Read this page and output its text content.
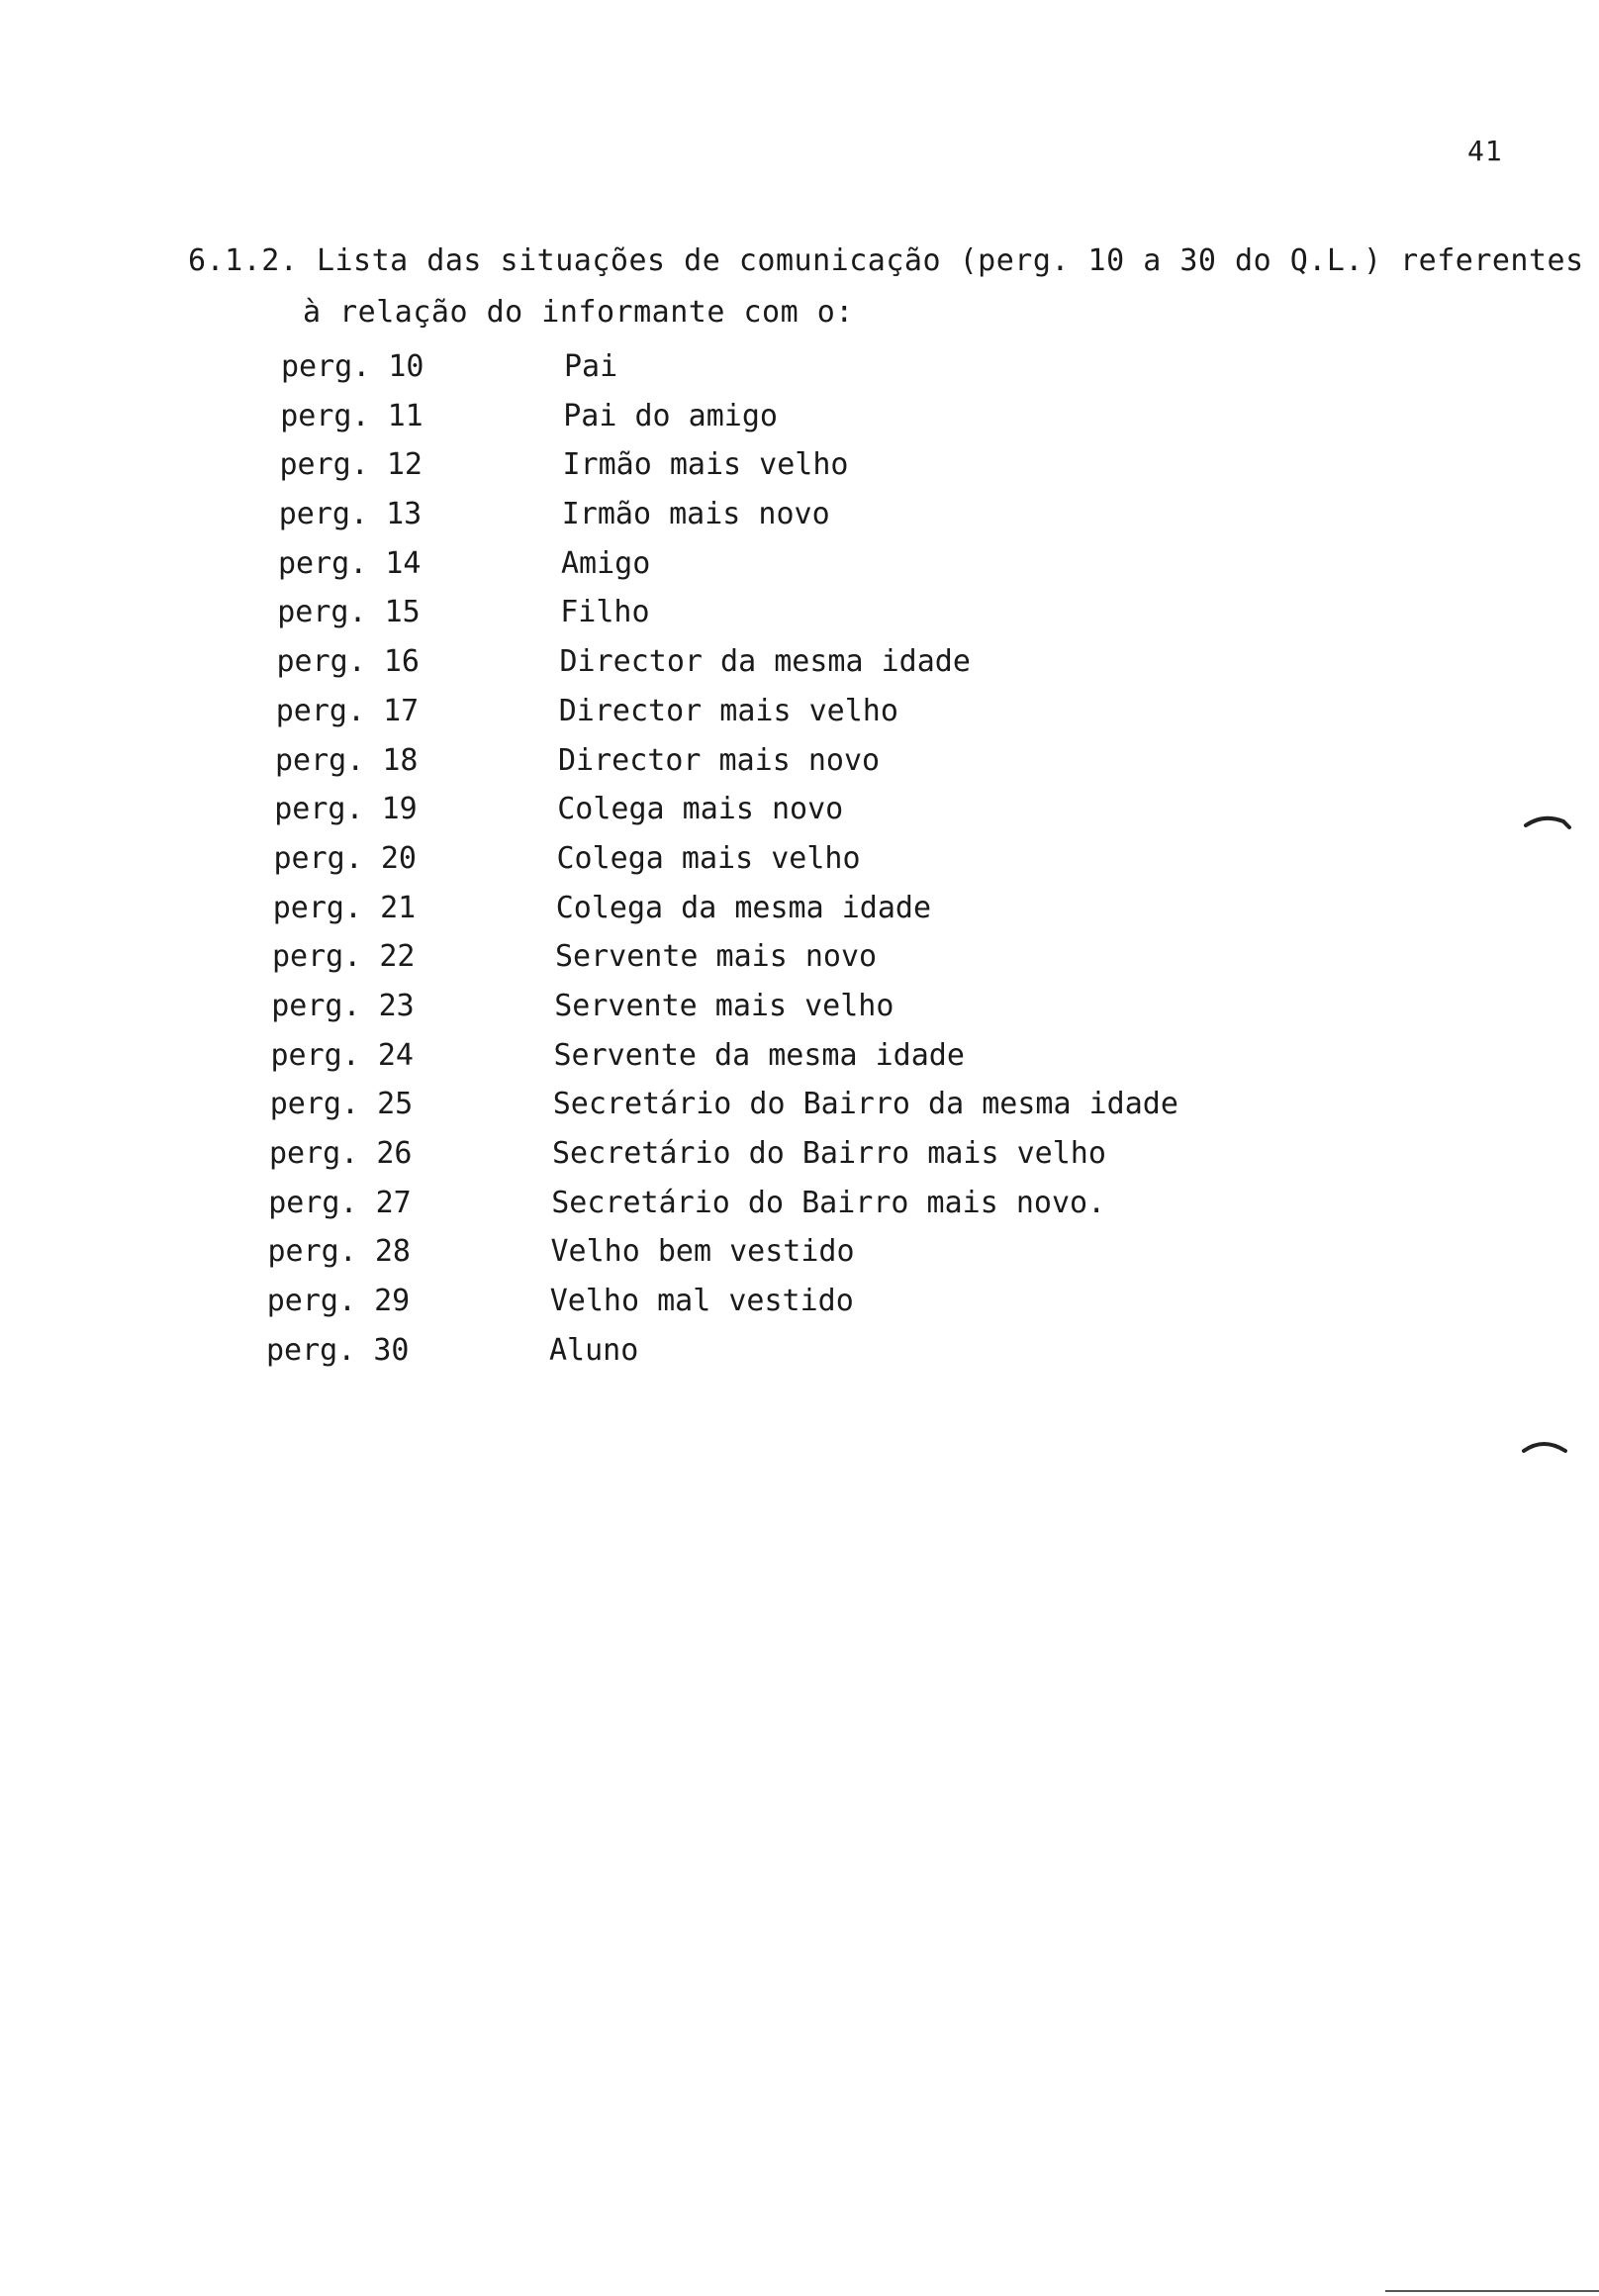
41
6.1.2. Lista das situações de comunicação (perg. 10 a 30 do Q.L.) referentes
à relação do informante com o:
perg. 10	Pai
perg. 11	Pai do amigo
perg. 12	Irmão mais velho
perg. 13	Irmão mais novo
perg. 14	Amigo
perg. 15	Filho
perg. 16	Director da mesma idade
perg. 17	Director mais velho
perg. 18	Director mais novo
perg. 19	Colega mais novo
perg. 20	Colega mais velho
perg. 21	Colega da mesma idade
perg. 22	Servente mais novo
perg. 23	Servente mais velho
perg. 24	Servente da mesma idade
perg. 25	Secretário do Bairro da mesma idade
perg. 26	Secretário do Bairro mais velho
perg. 27	Secretário do Bairro mais novo.
perg. 28	Velho bem vestido
perg. 29	Velho mal vestido
perg. 30	Aluno
